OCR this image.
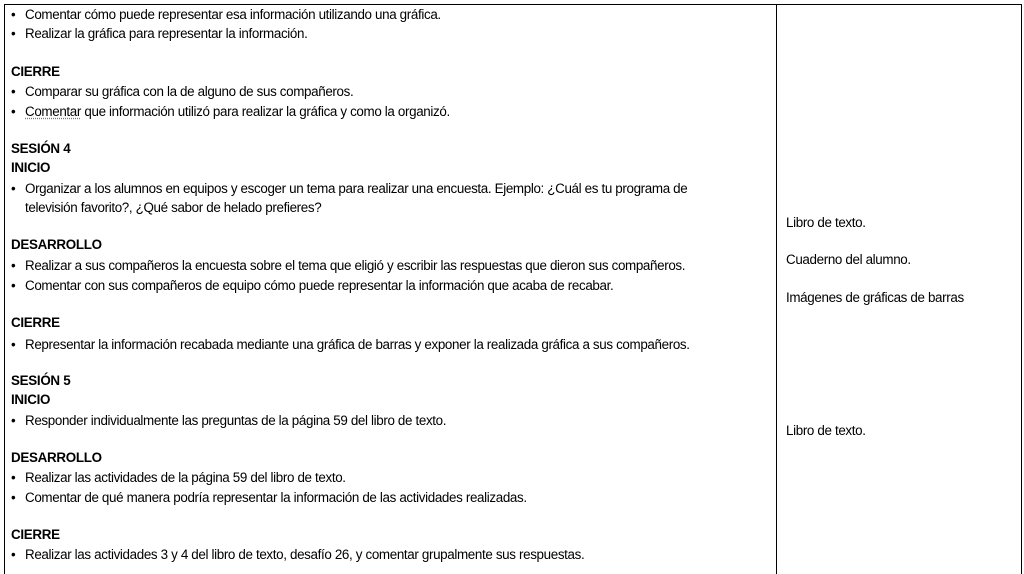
• Comentar cómo puede representar esa información utilizando una gráfica.
• Realizar la gráfica para representar la información.
CIERRE
• Comparar su gráfica con la de alguno de sus compañeros.
• Comentar que información utilizó para realizar la gráfica y como la organizó.
SESIÓN 4
INICIO
• Organizar a los alumnos en equipos y escoger un tema para realizar una encuesta. Ejemplo: ¿Cuál es tu programa de
televisión favorito?, ¿Qué sabor de helado prefieres?
DESARROLLO
• Realizar a sus compañeros la encuesta sobre el tema que eligió y escribir las respuestas que dieron sus compañeros.
• Comentar con sus compañeros de equipo cómo puede representar la información que acaba de recabar.
CIERRE
• Representar la información recabada mediante una gráfica de barras y exponer la realizada gráfica a sus compañeros.
SESIÓN 5
INICIO
• Responder individualmente las preguntas de la página 59 del libro de texto.
DESARROLLO
• Realizar las actividades de la página 59 del libro de texto.
• Comentar de qué manera podría representar la información de las actividades realizadas.
CIERRE
• Realizar las actividades 3 y 4 del libro de texto, desafío 26, y comentar grupalmente sus respuestas.
Libro de texto.
Cuaderno del alumno.
Imágenes de gráficas de barras
Libro de texto.
